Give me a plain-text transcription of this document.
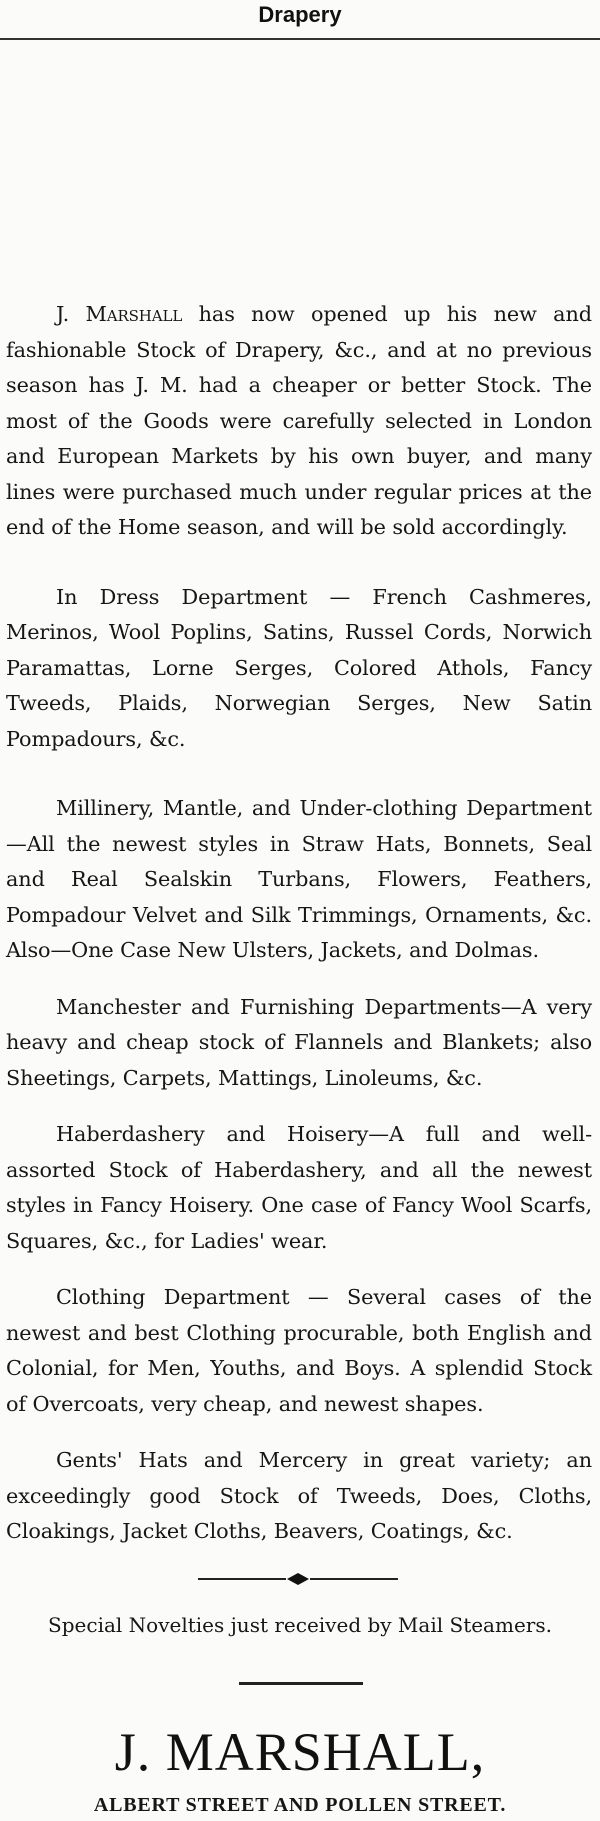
Drapery

J. Marshall has now opened up his new and fashionable Stock of Drapery, &c., and at no previous season has J. M. had a cheaper or better Stock. The most of the Goods were carefully selected in London and European Markets by his own buyer, and many lines were purchased much under regular prices at the end of the Home season, and will be sold accordingly.

In Dress Department — French Cashmeres, Merinos, Wool Poplins, Satins, Russel Cords, Norwich Paramattas, Lorne Serges, Colored Athols, Fancy Tweeds, Plaids, Norwegian Serges, New Satin Pompadours, &c.

Millinery, Mantle, and Under-clothing Department—All the newest styles in Straw Hats, Bonnets, Seal and Real Sealskin Turbans, Flowers, Feathers, Pompadour Velvet and Silk Trimmings, Ornaments, &c. Also—One Case New Ulsters, Jackets, and Dolmas.

Manchester and Furnishing Departments—A very heavy and cheap stock of Flannels and Blankets; also Sheetings, Carpets, Mattings, Linoleums, &c.

Haberdashery and Hoisery—A full and well-assorted Stock of Haberdashery, and all the newest styles in Fancy Hoisery. One case of Fancy Wool Scarfs, Squares, &c., for Ladies' wear.

Clothing Department — Several cases of the newest and best Clothing procurable, both English and Colonial, for Men, Youths, and Boys. A splendid Stock of Overcoats, very cheap, and newest shapes.

Gents' Hats and Mercery in great variety; an exceedingly good Stock of Tweeds, Does, Cloths, Cloakings, Jacket Cloths, Beavers, Coatings, &c.

Special Novelties just received by Mail Steamers.
J. MARSHALL,
ALBERT STREET AND POLLEN STREET.
